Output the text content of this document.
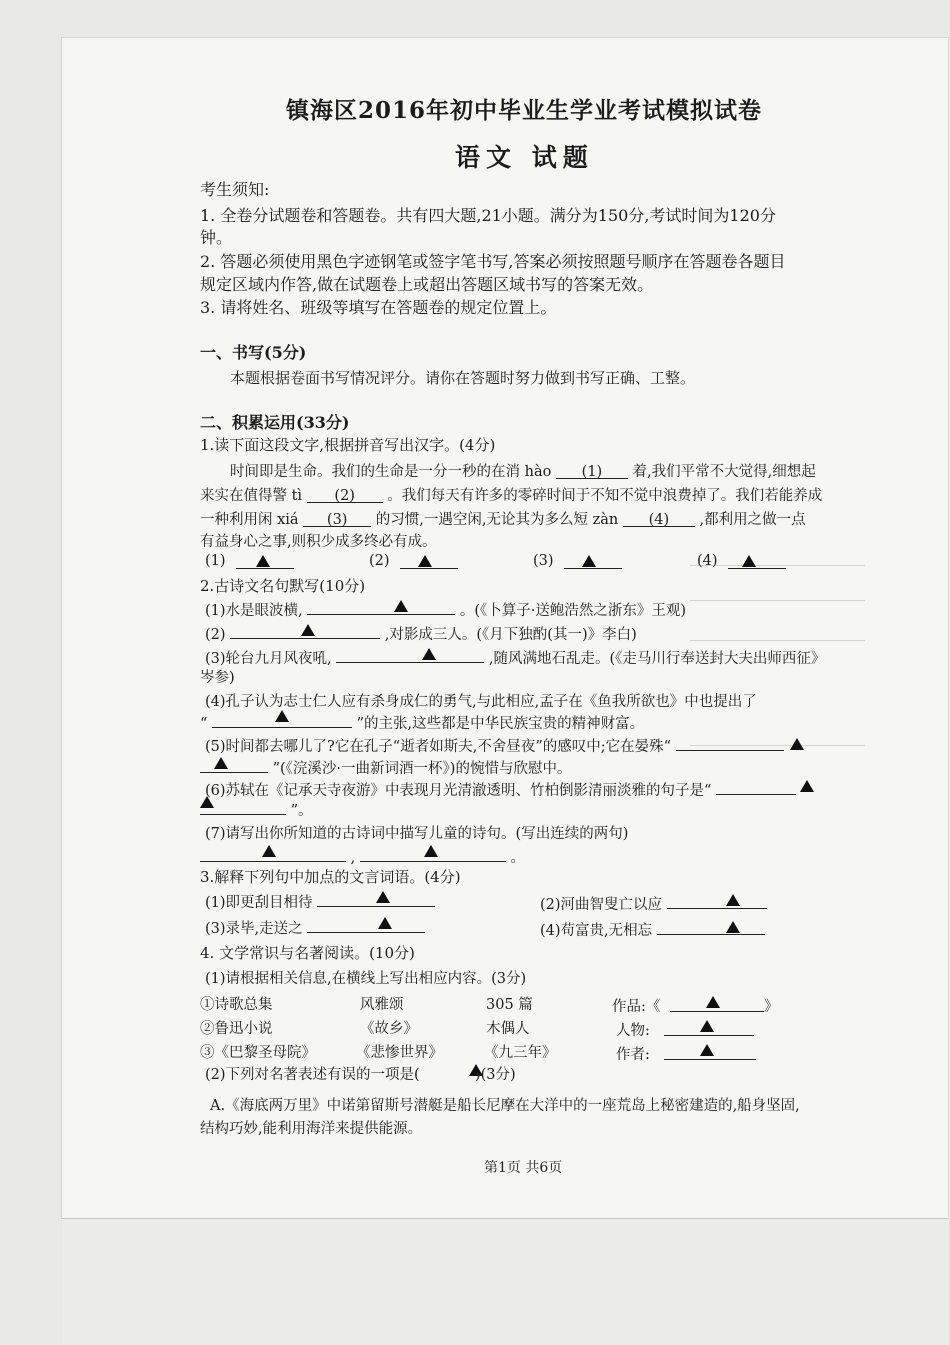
镇海区2016年初中毕业生学业考试模拟试卷
语文 试题
考生须知:
1. 全卷分试题卷和答题卷。共有四大题,21小题。满分为150分,考试时间为120分
钟。
2. 答题必须使用黑色字迹钢笔或签字笔书写,答案必须按照题号顺序在答题卷各题目
规定区域内作答,做在试题卷上或超出答题区域书写的答案无效。
3. 请将姓名、班级等填写在答题卷的规定位置上。
一、书写(5分)
本题根据卷面书写情况评分。请你在答题时努力做到书写正确、工整。
二、积累运用(33分)
1.读下面这段文字,根据拼音写出汉字。(4分)
时间即是生命。我们的生命是一分一秒的在消 hào (1) 着,我们平常不大觉得,细想起
来实在值得警 tì (2) 。我们每天有许多的零碎时间于不知不觉中浪费掉了。我们若能养成
一种利用闲 xiá (3) 的习惯,一遇空闲,无论其为多么短 zàn (4) ,都利用之做一点
有益身心之事,则积少成多终必有成。
(1)	(2)	(3)	(4)
2.古诗文名句默写(10分)
(1)水是眼波横,	。(《卜算子·送鲍浩然之浙东》王观)
(2)	,对影成三人。(《月下独酌(其一)》李白)
(3)轮台九月风夜吼,	,随风满地石乱走。(《走马川行奉送封大夫出师西征》
岑参)
(4)孔子认为志士仁人应有杀身成仁的勇气,与此相应,孟子在《鱼我所欲也》中也提出了
“	”的主张,这些都是中华民族宝贵的精神财富。
(5)时间都去哪儿了?它在孔子“逝者如斯夫,不舍昼夜”的感叹中;它在晏殊“
”(《浣溪沙·一曲新词酒一杯》)的惋惜与欣慰中。
(6)苏轼在《记承天寺夜游》中表现月光清澈透明、竹柏倒影清丽淡雅的句子是“
”。
(7)请写出你所知道的古诗词中描写儿童的诗句。(写出连续的两句)
,	。
3.解释下列句中加点的文言词语。(4分)
(1)即更刮目相待	(2)河曲智叟亡以应
(3)录毕,走送之	(4)苟富贵,无相忘
4. 文学常识与名著阅读。(10分)
(1)请根据相关信息,在横线上写出相应内容。(3分)
①诗歌总集	风雅颂	305 篇	作品:《	》
②鲁迅小说	《故乡》	木偶人	人物:
③《巴黎圣母院》	《悲惨世界》	《九三年》	作者:
(2)下列对名著表述有误的一项是(	)(3分)
A.《海底两万里》中诺第留斯号潜艇是船长尼摩在大洋中的一座荒岛上秘密建造的,船身坚固,
结构巧妙,能利用海洋来提供能源。
第1页 共6页
